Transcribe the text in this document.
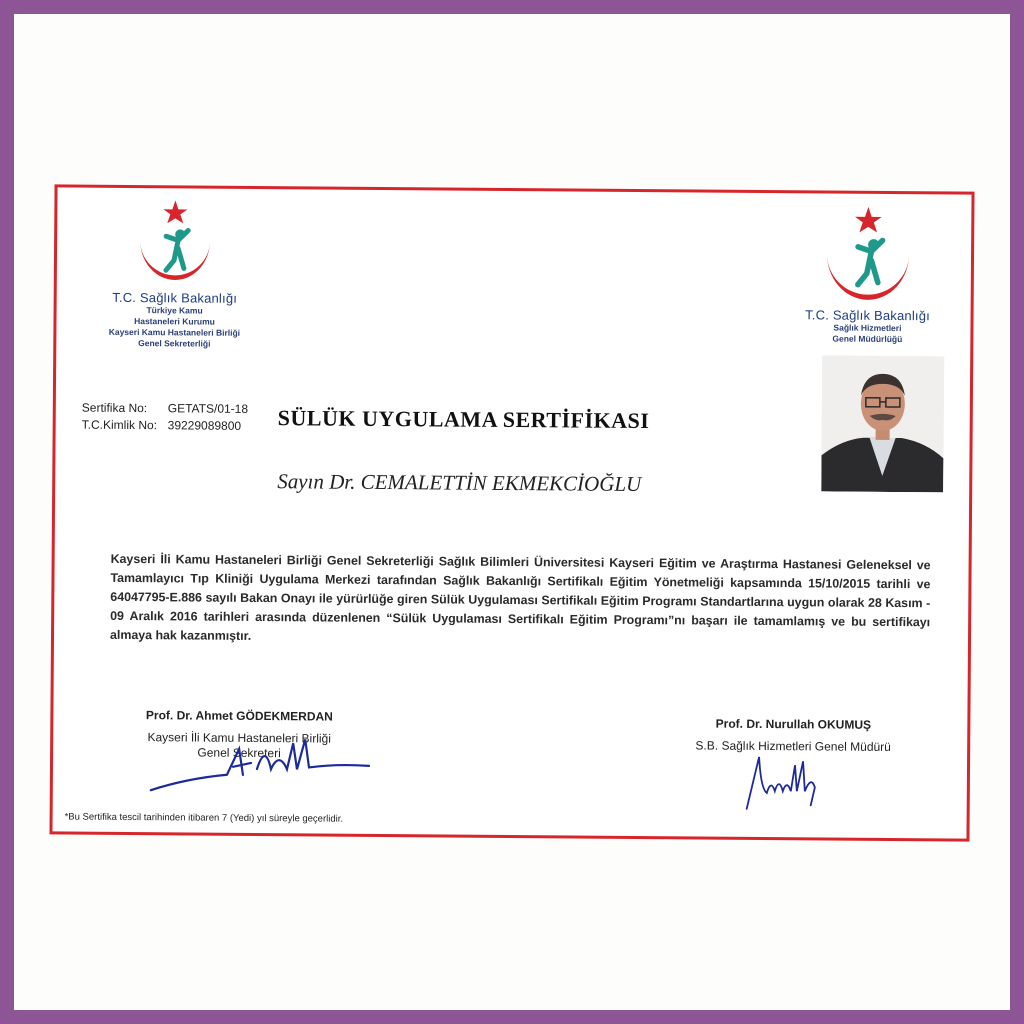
T.C. Sağlık Bakanlığı
Türkiye Kamu
Hastaneleri Kurumu
Kayseri Kamu Hastaneleri Birliği
Genel Sekreterliği
T.C. Sağlık Bakanlığı
Sağlık Hizmetleri
Genel Müdürlüğü
Sertifika No: GETATS/01-18
T.C.Kimlik No: 39229089800	SÜLÜK UYGULAMA SERTİFİKASI
Sayın Dr. CEMALETTİN EKMEKCİOĞLU
Kayseri İli Kamu Hastaneleri Birliği Genel Sekreterliği Sağlık Bilimleri Üniversitesi Kayseri Eğitim ve Araştırma Hastanesi Geleneksel ve Tamamlayıcı Tıp Kliniği Uygulama Merkezi tarafından Sağlık Bakanlığı Sertifikalı Eğitim Yönetmeliği kapsamında 15/10/2015 tarihli ve 64047795-E.886 sayılı Bakan Onayı ile yürürlüğe giren Sülük Uygulaması Sertifikalı Eğitim Programı Standartlarına uygun olarak 28 Kasım - 09 Aralık 2016 tarihleri arasında düzenlenen “Sülük Uygulaması Sertifikalı Eğitim Programı”nı başarı ile tamamlamış ve bu sertifikayı almaya hak kazanmıştır.
Prof. Dr. Ahmet GÖDEKMERDAN
Kayseri İli Kamu Hastaneleri Birliği
Genel Sekreteri
Prof. Dr. Nurullah OKUMUŞ
S.B. Sağlık Hizmetleri Genel Müdürü
*Bu Sertifika tescil tarihinden itibaren 7 (Yedi) yıl süreyle geçerlidir.
